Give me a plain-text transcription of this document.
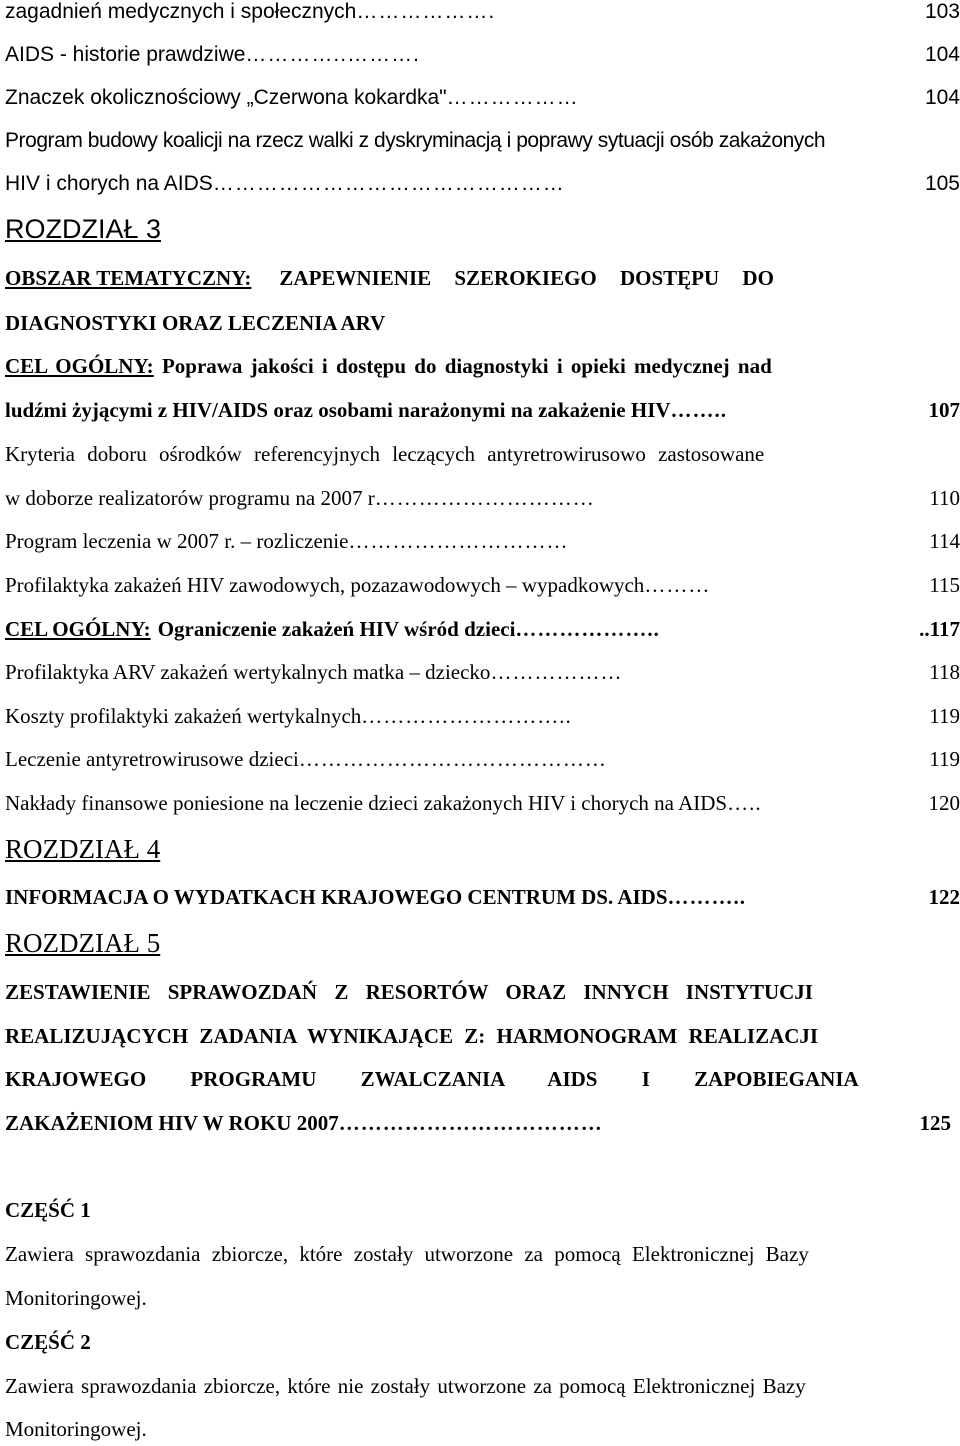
zagadnień medycznych i społecznych ……………….	103
AIDS - historie prawdziwe …………..……….	104
Znaczek okolicznościowy „Czerwona kokardka" ………………	104
Program budowy koalicji na rzecz walki z dyskryminacją i poprawy sytuacji osób zakażonych
HIV i chorych na AIDS …………………………………………	105
ROZDZIAŁ 3
OBSZAR TEMATYCZNY: ZAPEWNIENIE SZEROKIEGO DOSTĘPU DO
DIAGNOSTYKI ORAZ LECZENIA ARV
CEL OGÓLNY: Poprawa jakości i dostępu do diagnostyki i opieki medycznej nad
ludźmi żyjącymi z HIV/AIDS oraz osobami narażonymi na zakażenie HIV ……..	107
Kryteria doboru ośrodków referencyjnych leczących antyretrowirusowo zastosowane
w doborze realizatorów programu na 2007 r …………………………	110
Program leczenia w 2007 r. – rozliczenie …………………………	114
Profilaktyka zakażeń HIV zawodowych, pozazawodowych – wypadkowych ………	115
CEL OGÓLNY: Ograniczenie zakażeń HIV wśród dzieci ………………..	..117
Profilaktyka ARV zakażeń wertykalnych matka – dziecko ………………	118
Koszty profilaktyki zakażeń wertykalnych ………………………..	119
Leczenie antyretrowirusowe dzieci ……………………………………	119
Nakłady finansowe poniesione na leczenie dzieci zakażonych HIV i chorych na AIDS …..	120
ROZDZIAŁ 4
INFORMACJA O WYDATKACH KRAJOWEGO CENTRUM DS. AIDS ………..	122
ROZDZIAŁ 5
ZESTAWIENIE SPRAWOZDAŃ Z RESORTÓW ORAZ INNYCH INSTYTUCJI
REALIZUJĄCYCH ZADANIA WYNIKAJĄCE Z: HARMONOGRAM REALIZACJI
KRAJOWEGO PROGRAMU ZWALCZANIA AIDS I ZAPOBIEGANIA
ZAKAŻENIOM HIV W ROKU 2007 ………………………………	125
CZĘŚĆ 1
Zawiera sprawozdania zbiorcze, które zostały utworzone za pomocą Elektronicznej Bazy
Monitoringowej.
CZĘŚĆ 2
Zawiera sprawozdania zbiorcze, które nie zostały utworzone za pomocą Elektronicznej Bazy
Monitoringowej.
